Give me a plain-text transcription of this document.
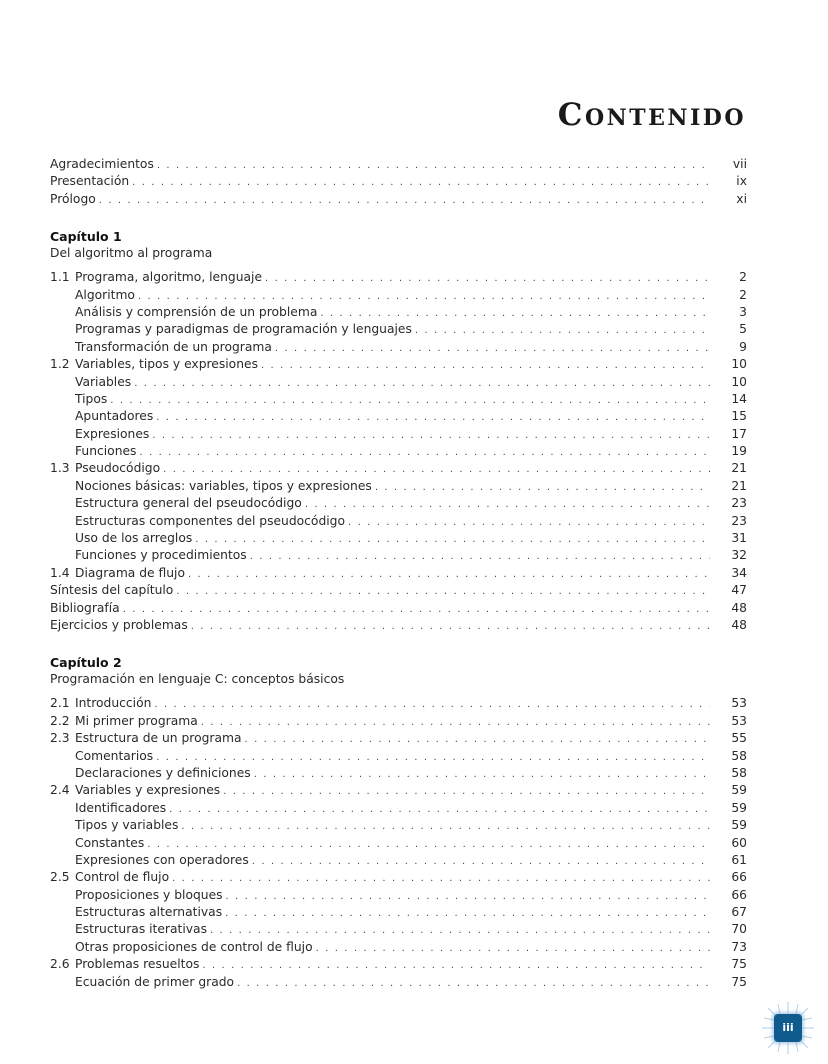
Contenido
Agradecimientos . . .	vii
Presentación . . .	ix
Prólogo . . .	xi
Capítulo 1
Del algoritmo al programa
1.1 Programa, algoritmo, lenguaje . . .	2
Algoritmo . . .	2
Análisis y comprensión de un problema . . .	3
Programas y paradigmas de programación y lenguajes . . .	5
Transformación de un programa . . .	9
1.2 Variables, tipos y expresiones . . .	10
Variables . . .	10
Tipos . . .	14
Apuntadores . . .	15
Expresiones . . .	17
Funciones . . .	19
1.3 Pseudocódigo . . .	21
Nociones básicas: variables, tipos y expresiones . . .	21
Estructura general del pseudocódigo . . .	23
Estructuras componentes del pseudocódigo . . .	23
Uso de los arreglos . . .	31
Funciones y procedimientos . . .	32
1.4 Diagrama de flujo . . .	34
Síntesis del capítulo . . .	47
Bibliografía . . .	48
Ejercicios y problemas . . .	48
Capítulo 2
Programación en lenguaje C: conceptos básicos
2.1 Introducción . . .	53
2.2 Mi primer programa . . .	53
2.3 Estructura de un programa . . .	55
Comentarios . . .	58
Declaraciones y definiciones . . .	58
2.4 Variables y expresiones . . .	59
Identificadores . . .	59
Tipos y variables . . .	59
Constantes . . .	60
Expresiones con operadores . . .	61
2.5 Control de flujo . . .	66
Proposiciones y bloques . . .	66
Estructuras alternativas . . .	67
Estructuras iterativas . . .	70
Otras proposiciones de control de flujo . . .	73
2.6 Problemas resueltos . . .	75
Ecuación de primer grado . . .	75
iii
